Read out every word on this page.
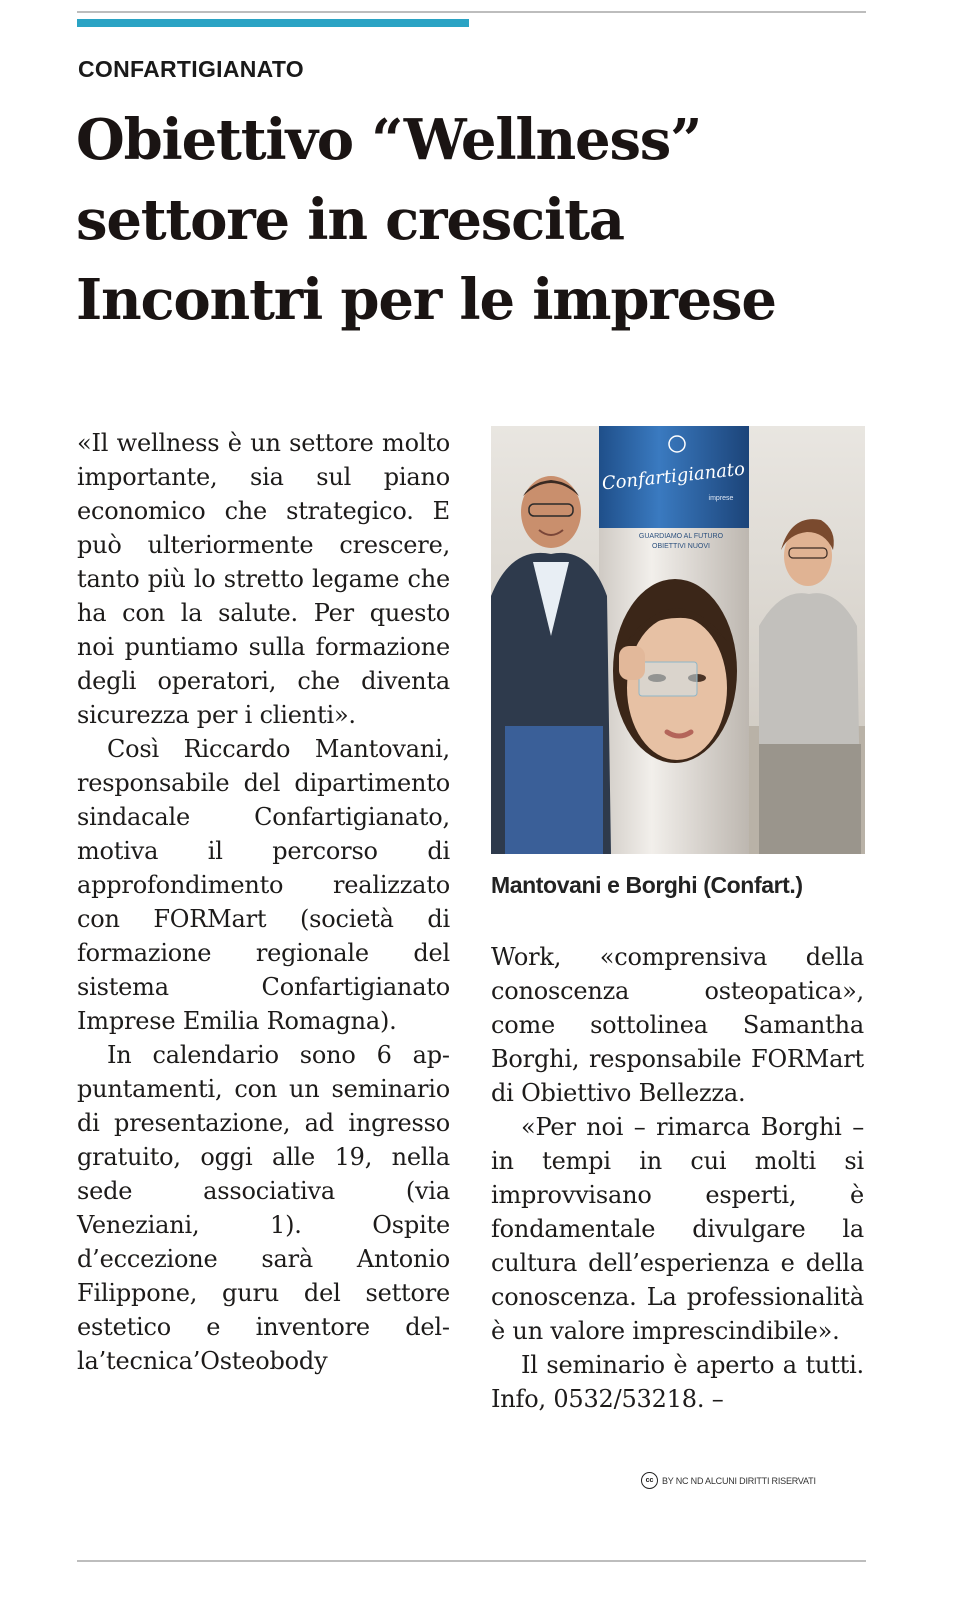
CONFARTIGIANATO
Obiettivo “Wellness”
settore in crescita
Incontri per le imprese

«Il wellness è un settore molto importante, sia sul piano economico che strategico. E può ulteriormente crescere, tanto più lo stretto legame che ha con la salute. Per questo noi puntiamo sulla formazione degli operatori, che diventa sicurezza per i clienti».

Così Riccardo Mantovani, responsabile del dipartimento sindacale Confartigianato, motiva il percorso di approfondimento realizzato con FORMart (società di formazione regionale del sistema Confartigianato Imprese Emilia Romagna).

In calendario sono 6 appuntamenti, con un seminario di presentazione, ad ingresso gratuito, oggi alle 19, nella sede associativa (via Veneziani, 1). Ospite d’eccezione sarà Antonio Filippone, guru del settore estetico e inventore della’tecnica’Osteobody

Confartigianato
imprese
GUARDIAMO AL FUTURO
OBIETTIVI NUOVI
Mantovani e Borghi (Confart.)

Work, «comprensiva della conoscenza osteopatica», come sottolinea Samantha Borghi, responsabile FORMart di Obiettivo Bellezza.

«Per noi – rimarca Borghi – in tempi in cui molti si improvvisano esperti, è fondamentale divulgare la cultura dell’esperienza e della conoscenza. La professionalità è un valore imprescindibile».

Il seminario è aperto a tutti. Info, 0532/53218. –

cc BY NC ND ALCUNI DIRITTI RISERVATI
